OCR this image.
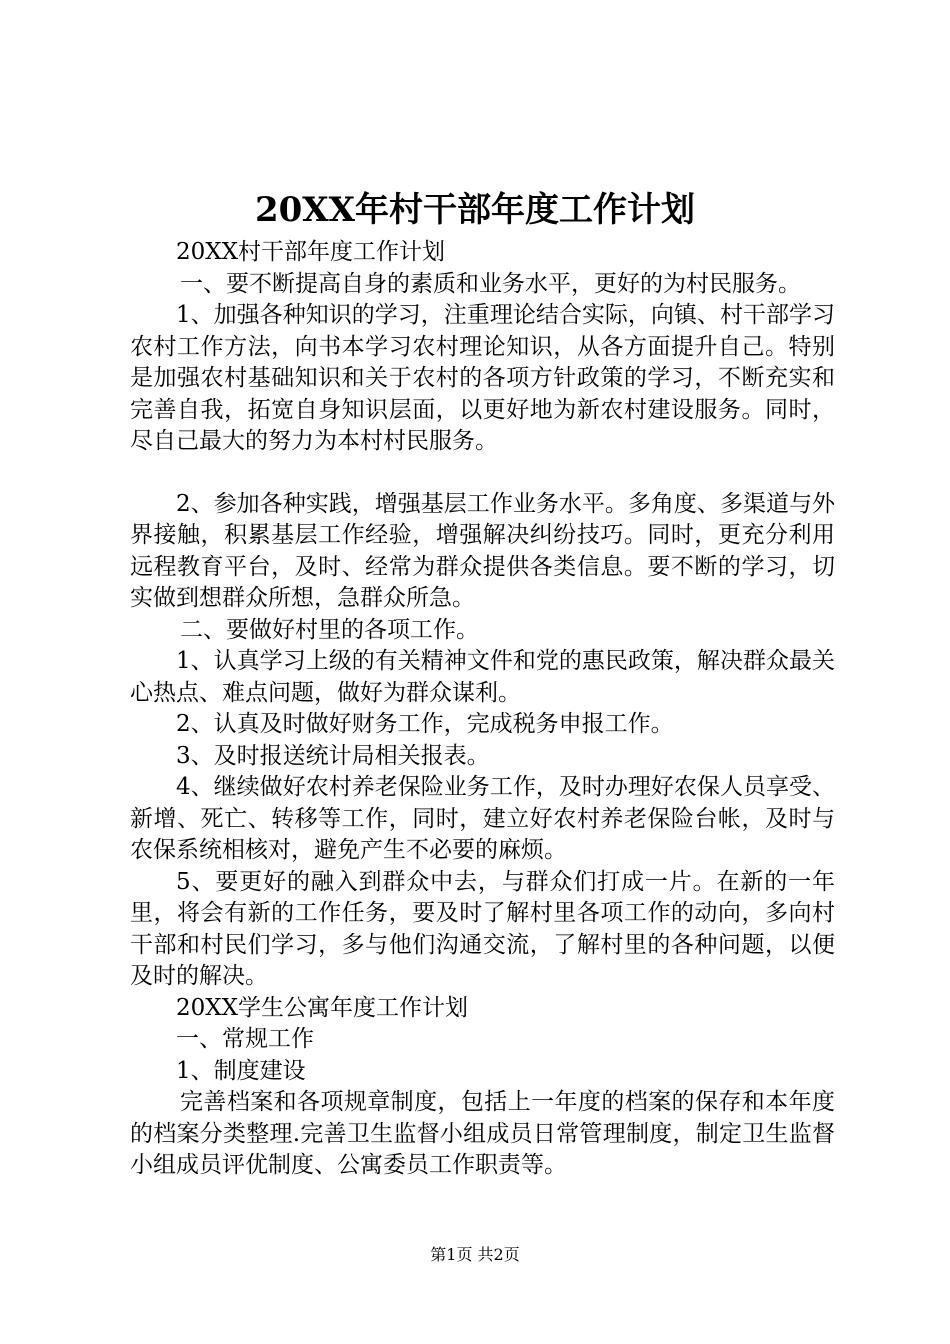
20XX年村干部年度工作计划

20XX村干部年度工作计划

一、要不断提高自身的素质和业务水平，更好的为村民服务。

1、加强各种知识的学习，注重理论结合实际，向镇、村干部学习农村工作方法，向书本学习农村理论知识，从各方面提升自己。特别是加强农村基础知识和关于农村的各项方针政策的学习，不断充实和完善自我，拓宽自身知识层面，以更好地为新农村建设服务。同时，尽自己最大的努力为本村村民服务。

2、参加各种实践，增强基层工作业务水平。多角度、多渠道与外界接触，积累基层工作经验，增强解决纠纷技巧。同时，更充分利用远程教育平台，及时、经常为群众提供各类信息。要不断的学习，切实做到想群众所想，急群众所急。

二、要做好村里的各项工作。

1、认真学习上级的有关精神文件和党的惠民政策，解决群众最关心热点、难点问题，做好为群众谋利。

2、认真及时做好财务工作，完成税务申报工作。

3、及时报送统计局相关报表。

4、继续做好农村养老保险业务工作，及时办理好农保人员享受、新增、死亡、转移等工作，同时，建立好农村养老保险台帐，及时与农保系统相核对，避免产生不必要的麻烦。

5、要更好的融入到群众中去，与群众们打成一片。在新的一年里，将会有新的工作任务，要及时了解村里各项工作的动向，多向村干部和村民们学习，多与他们沟通交流，了解村里的各种问题，以便及时的解决。

20XX学生公寓年度工作计划

一、常规工作

1、制度建设

完善档案和各项规章制度，包括上一年度的档案的保存和本年度的档案分类整理.完善卫生监督小组成员日常管理制度，制定卫生监督小组成员评优制度、公寓委员工作职责等。

第1页 共2页
